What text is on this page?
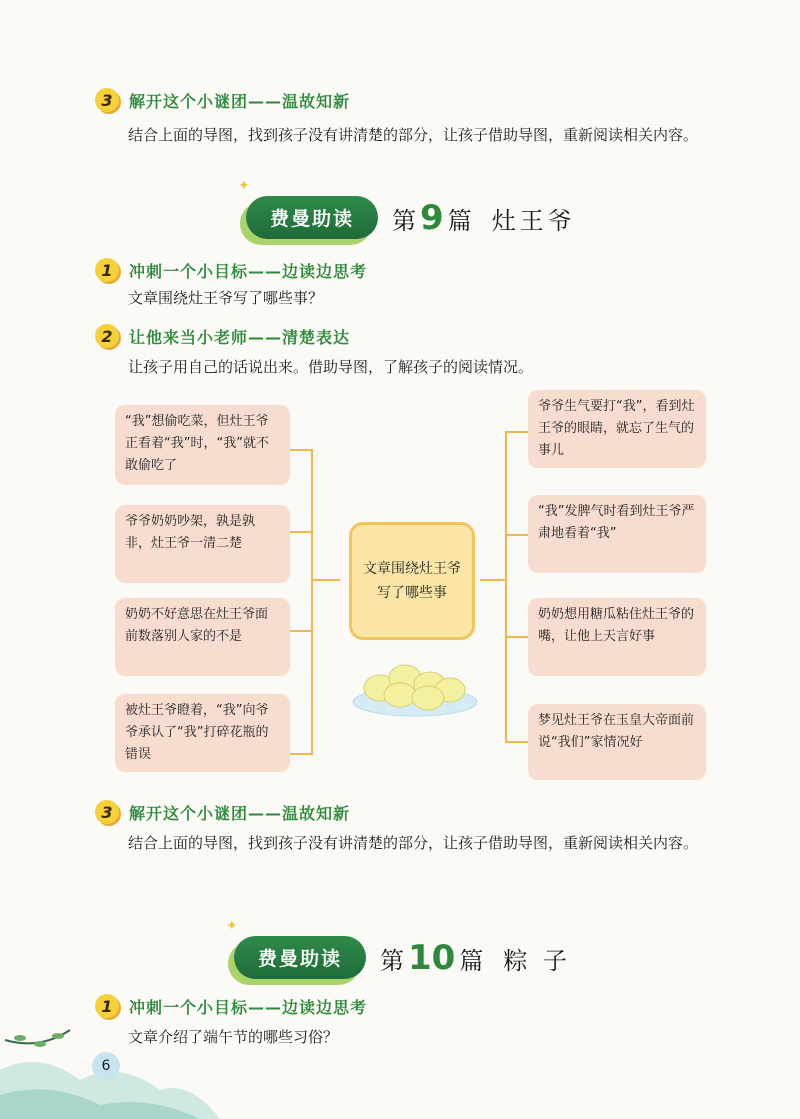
3	解开这个小谜团——温故知新
结合上面的导图，找到孩子没有讲清楚的部分，让孩子借助导图，重新阅读相关内容。
✦
费曼助读	第 9 篇 灶王爷
1	冲刺一个小目标——边读边思考
文章围绕灶王爷写了哪些事？
2	让他来当小老师——清楚表达
让孩子用自己的话说出来。借助导图，了解孩子的阅读情况。
“我”想偷吃菜，但灶王爷正看着“我”时，“我”就不敢偷吃了
爷爷奶奶吵架，孰是孰非，灶王爷一清二楚
奶奶不好意思在灶王爷面前数落别人家的不是
被灶王爷瞪着，“我”向爷爷承认了“我”打碎花瓶的错误
文章围绕灶王爷写了哪些事
爷爷生气要打“我”，看到灶王爷的眼睛，就忘了生气的事儿
“我”发脾气时看到灶王爷严肃地看着“我”
奶奶想用糖瓜粘住灶王爷的嘴，让他上天言好事
梦见灶王爷在玉皇大帝面前说“我们”家情况好
3	解开这个小谜团——温故知新
结合上面的导图，找到孩子没有讲清楚的部分，让孩子借助导图，重新阅读相关内容。
✦
费曼助读	第 10 篇 粽 子
1	冲刺一个小目标——边读边思考
文章介绍了端午节的哪些习俗？
6
